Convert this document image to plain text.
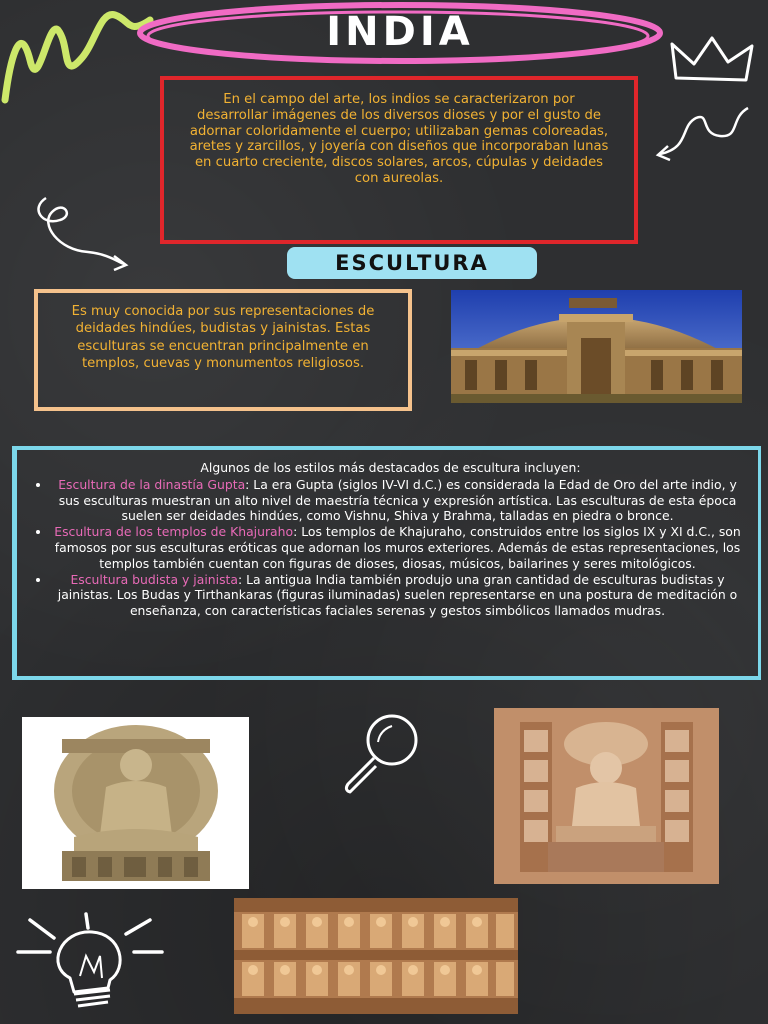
INDIA
En el campo del arte, los indios se caracterizaron por desarrollar imágenes de los diversos dioses y por el gusto de adornar coloridamente el cuerpo; utilizaban gemas coloreadas, aretes y zarcillos, y joyería con diseños que incorporaban lunas en cuarto creciente, discos solares, arcos, cúpulas y deidades con aureolas.
ESCULTURA
Es muy conocida por sus representaciones de deidades hindúes, budistas y jainistas. Estas esculturas se encuentran principalmente en templos, cuevas y monumentos religiosos.

Algunos de los estilos más destacados de escultura incluyen:

• Escultura de la dinastía Gupta: La era Gupta (siglos IV-VI d.C.) es considerada la Edad de Oro del arte indio, y sus esculturas muestran un alto nivel de maestría técnica y expresión artística. Las esculturas de esta época suelen ser deidades hindúes, como Vishnu, Shiva y Brahma, talladas en piedra o bronce.
• Escultura de los templos de Khajuraho: Los templos de Khajuraho, construidos entre los siglos IX y XI d.C., son famosos por sus esculturas eróticas que adornan los muros exteriores. Además de estas representaciones, los templos también cuentan con figuras de dioses, diosas, músicos, bailarines y seres mitológicos.
• Escultura budista y jainista: La antigua India también produjo una gran cantidad de esculturas budistas y jainistas. Los Budas y Tirthankaras (figuras iluminadas) suelen representarse en una postura de meditación o enseñanza, con características faciales serenas y gestos simbólicos llamados mudras.
